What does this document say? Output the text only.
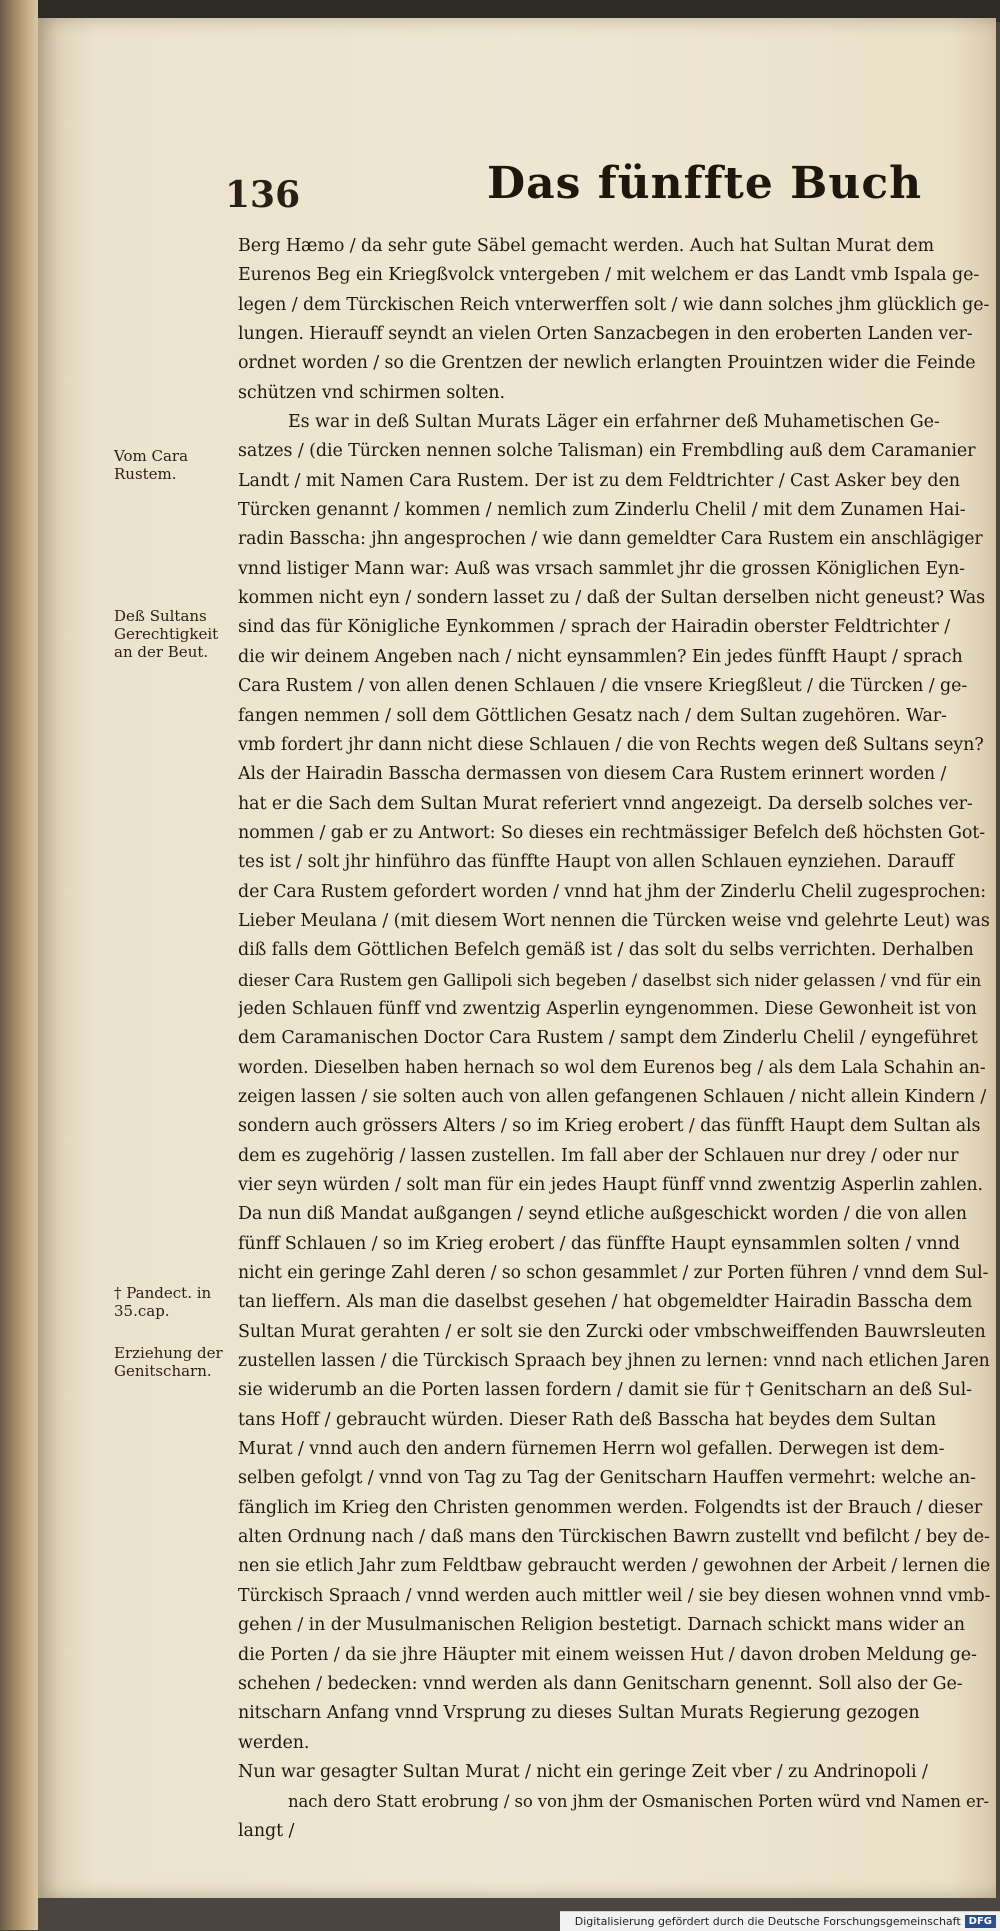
136	Das fünffte Buch
Vom Cara
Rustem.
Deß Sultans
Gerechtigkeit
an der Beut.
† Pandect. in
35.cap.
Erziehung der
Genitscharn.
Berg Hæmo / da sehr gute Säbel gemacht werden. Auch hat Sultan Murat dem
Eurenos Beg ein Kriegßvolck vntergeben / mit welchem er das Landt vmb Ispala ge-
legen / dem Türckischen Reich vnterwerffen solt / wie dann solches jhm glücklich ge-
lungen. Hierauff seyndt an vielen Orten Sanzacbegen in den eroberten Landen ver-
ordnet worden / so die Grentzen der newlich erlangten Prouintzen wider die Feinde
schützen vnd schirmen solten.
Es war in deß Sultan Murats Läger ein erfahrner deß Muhametischen Ge-
satzes / (die Türcken nennen solche Talisman) ein Frembdling auß dem Caramanier
Landt / mit Namen Cara Rustem. Der ist zu dem Feldtrichter / Cast Asker bey den
Türcken genannt / kommen / nemlich zum Zinderlu Chelil / mit dem Zunamen Hai-
radin Basscha: jhn angesprochen / wie dann gemeldter Cara Rustem ein anschlägiger
vnnd listiger Mann war: Auß was vrsach sammlet jhr die grossen Königlichen Eyn-
kommen nicht eyn / sondern lasset zu / daß der Sultan derselben nicht geneust? Was
sind das für Königliche Eynkommen / sprach der Hairadin oberster Feldtrichter /
die wir deinem Angeben nach / nicht eynsammlen? Ein jedes fünfft Haupt / sprach
Cara Rustem / von allen denen Schlauen / die vnsere Kriegßleut / die Türcken / ge-
fangen nemmen / soll dem Göttlichen Gesatz nach / dem Sultan zugehören. War-
vmb fordert jhr dann nicht diese Schlauen / die von Rechts wegen deß Sultans seyn?
Als der Hairadin Basscha dermassen von diesem Cara Rustem erinnert worden /
hat er die Sach dem Sultan Murat referiert vnnd angezeigt. Da derselb solches ver-
nommen / gab er zu Antwort: So dieses ein rechtmässiger Befelch deß höchsten Got-
tes ist / solt jhr hinführo das fünffte Haupt von allen Schlauen eynziehen. Darauff
der Cara Rustem gefordert worden / vnnd hat jhm der Zinderlu Chelil zugesprochen:
Lieber Meulana / (mit diesem Wort nennen die Türcken weise vnd gelehrte Leut) was
diß falls dem Göttlichen Befelch gemäß ist / das solt du selbs verrichten. Derhalben
dieser Cara Rustem gen Gallipoli sich begeben / daselbst sich nider gelassen / vnd für ein
jeden Schlauen fünff vnd zwentzig Asperlin eyngenommen. Diese Gewonheit ist von
dem Caramanischen Doctor Cara Rustem / sampt dem Zinderlu Chelil / eyngeführet
worden. Dieselben haben hernach so wol dem Eurenos beg / als dem Lala Schahin an-
zeigen lassen / sie solten auch von allen gefangenen Schlauen / nicht allein Kindern /
sondern auch grössers Alters / so im Krieg erobert / das fünfft Haupt dem Sultan als
dem es zugehörig / lassen zustellen. Im fall aber der Schlauen nur drey / oder nur
vier seyn würden / solt man für ein jedes Haupt fünff vnnd zwentzig Asperlin zahlen.
Da nun diß Mandat außgangen / seynd etliche außgeschickt worden / die von allen
fünff Schlauen / so im Krieg erobert / das fünffte Haupt eynsammlen solten / vnnd
nicht ein geringe Zahl deren / so schon gesammlet / zur Porten führen / vnnd dem Sul-
tan lieffern. Als man die daselbst gesehen / hat obgemeldter Hairadin Basscha dem
Sultan Murat gerahten / er solt sie den Zurcki oder vmbschweiffenden Bauwrsleuten
zustellen lassen / die Türckisch Spraach bey jhnen zu lernen: vnnd nach etlichen Jaren
sie widerumb an die Porten lassen fordern / damit sie für † Genitscharn an deß Sul-
tans Hoff / gebraucht würden. Dieser Rath deß Basscha hat beydes dem Sultan
Murat / vnnd auch den andern fürnemen Herrn wol gefallen. Derwegen ist dem-
selben gefolgt / vnnd von Tag zu Tag der Genitscharn Hauffen vermehrt: welche an-
fänglich im Krieg den Christen genommen werden. Folgendts ist der Brauch / dieser
alten Ordnung nach / daß mans den Türckischen Bawrn zustellt vnd befilcht / bey de-
nen sie etlich Jahr zum Feldtbaw gebraucht werden / gewohnen der Arbeit / lernen die
Türckisch Spraach / vnnd werden auch mittler weil / sie bey diesen wohnen vnnd vmb-
gehen / in der Musulmanischen Religion bestetigt. Darnach schickt mans wider an
die Porten / da sie jhre Häupter mit einem weissen Hut / davon droben Meldung ge-
schehen / bedecken: vnnd werden als dann Genitscharn genennt. Soll also der Ge-
nitscharn Anfang vnnd Vrsprung zu dieses Sultan Murats Regierung gezogen
werden.
Nun war gesagter Sultan Murat / nicht ein geringe Zeit vber / zu Andrinopoli /
nach dero Statt erobrung / so von jhm der Osmanischen Porten würd vnd Namen er-
langt /
Digitalisierung gefördert durch die Deutsche Forschungsgemeinschaft DFG
